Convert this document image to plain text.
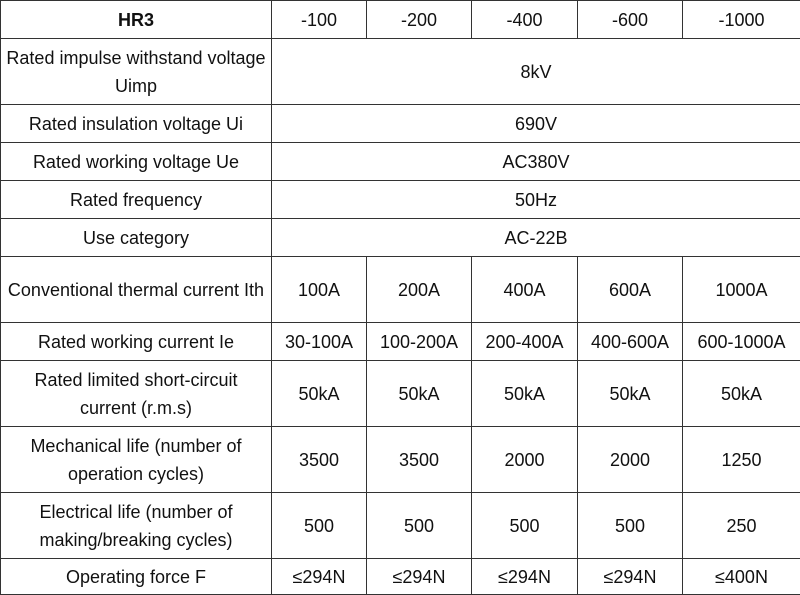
HR3	-100	-200	-400	-600	-1000
Rated impulse withstand voltage Uimp	8kV				
Rated insulation voltage Ui	690V				
Rated working voltage Ue	AC380V				
Rated frequency	50Hz				
Use category	AC-22B				
Conventional thermal current Ith	100A	200A	400A	600A	1000A
Rated working current Ie	30-100A	100-200A	200-400A	400-600A	600-1000A
Rated limited short-circuit current (r.m.s)	50kA	50kA	50kA	50kA	50kA
Mechanical life (number of operation cycles)	3500	3500	2000	2000	1250
Electrical life (number of making/breaking cycles)	500	500	500	500	250
Operating force F	≤294N	≤294N	≤294N	≤294N	≤400N
